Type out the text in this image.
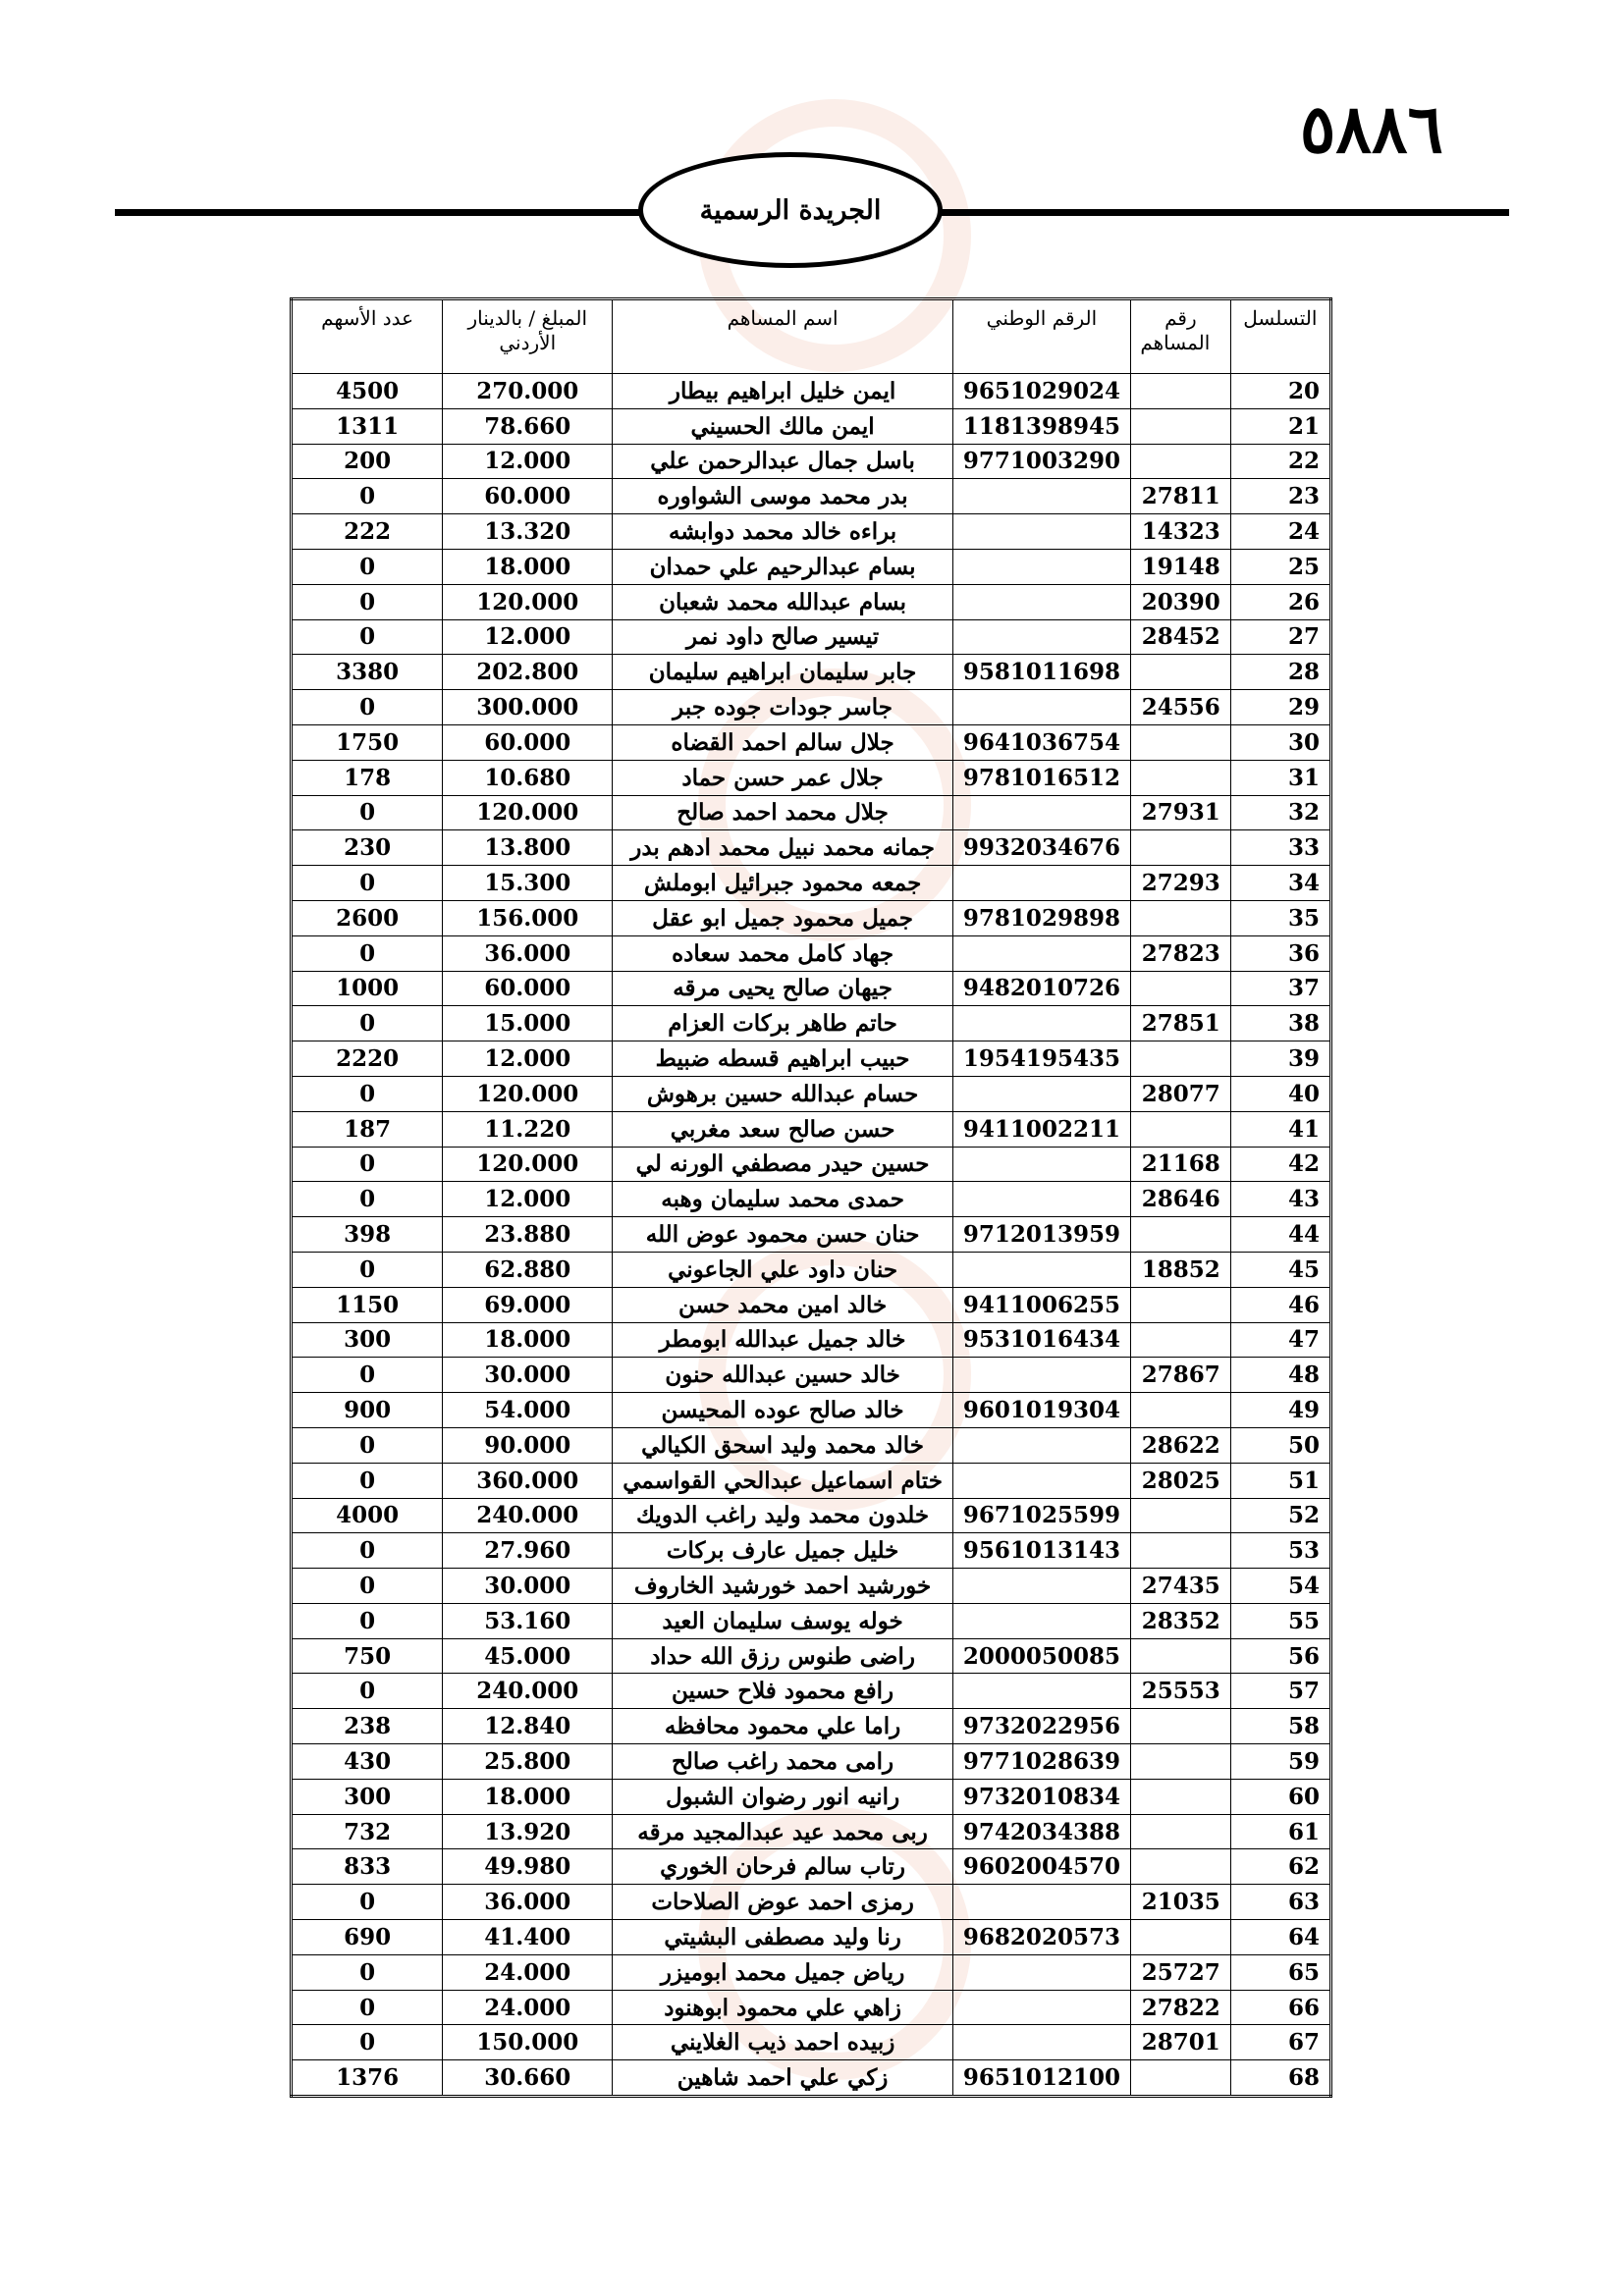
٥٨٨٦
الجريدة الرسمية
التسلسل	رقم المساهم	الرقم الوطني	اسم المساهم	المبلغ / بالدينار الأردني	عدد الأسهم
20		9651029024	ايمن خليل ابراهيم بيطار	270.000	4500
21		1181398945	ايمن مالك الحسيني	78.660	1311
22		9771003290	باسل جمال عبدالرحمن علي	12.000	200
23	27811		بدر محمد موسى الشواوره	60.000	0
24	14323		براءه خالد محمد دوابشه	13.320	222
25	19148		بسام عبدالرحيم علي حمدان	18.000	0
26	20390		بسام عبدالله محمد شعبان	120.000	0
27	28452		تيسير صالح داود نمر	12.000	0
28		9581011698	جابر سليمان ابراهيم سليمان	202.800	3380
29	24556		جاسر جودات جوده جبر	300.000	0
30		9641036754	جلال سالم احمد القضاه	60.000	1750
31		9781016512	جلال عمر حسن حماد	10.680	178
32	27931		جلال محمد احمد صالح	120.000	0
33		9932034676	جمانه محمد نبيل محمد ادهم بدر	13.800	230
34	27293		جمعه محمود جبرائيل ابوملش	15.300	0
35		9781029898	جميل محمود جميل ابو عقل	156.000	2600
36	27823		جهاد كامل محمد سعاده	36.000	0
37		9482010726	جيهان صالح يحيى مرقه	60.000	1000
38	27851		حاتم طاهر بركات العزام	15.000	0
39		1954195435	حبيب ابراهيم قسطه ضبيط	12.000	2220
40	28077		حسام عبدالله حسين برهوش	120.000	0
41		9411002211	حسن صالح سعد مغربي	11.220	187
42	21168		حسين حيدر مصطفي الورنه لي	120.000	0
43	28646		حمدى محمد سليمان وهبه	12.000	0
44		9712013959	حنان حسن محمود عوض الله	23.880	398
45	18852		حنان داود علي الجاعوني	62.880	0
46		9411006255	خالد امين محمد حسن	69.000	1150
47		9531016434	خالد جميل عبدالله ابومطر	18.000	300
48	27867		خالد حسين عبدالله حنون	30.000	0
49		9601019304	خالد صالح عوده المحيسن	54.000	900
50	28622		خالد محمد وليد اسحق الكيالي	90.000	0
51	28025		ختام اسماعيل عبدالحي القواسمي	360.000	0
52		9671025599	خلدون محمد وليد راغب الدويك	240.000	4000
53		9561013143	خليل جميل عارف بركات	27.960	0
54	27435		خورشيد احمد خورشيد الخاروف	30.000	0
55	28352		خوله يوسف سليمان العيد	53.160	0
56		2000050085	راضى طنوس رزق الله حداد	45.000	750
57	25553		رافع محمود فلاح حسين	240.000	0
58		9732022956	راما علي محمود محافظه	12.840	238
59		9771028639	رامى محمد راغب صالح	25.800	430
60		9732010834	رانيه انور رضوان الشبول	18.000	300
61		9742034388	ربى محمد عيد عبدالمجيد مرقه	13.920	732
62		9602004570	رتاب سالم فرحان الخوري	49.980	833
63	21035		رمزى احمد عوض الصلاحات	36.000	0
64		9682020573	رنا وليد مصطفى البشيتي	41.400	690
65	25727		رياض جميل محمد ابوميزر	24.000	0
66	27822		زاهي علي محمود ابوهنود	24.000	0
67	28701		زبيده احمد ذيب الغلايني	150.000	0
68		9651012100	زكي علي احمد شاهين	30.660	1376
